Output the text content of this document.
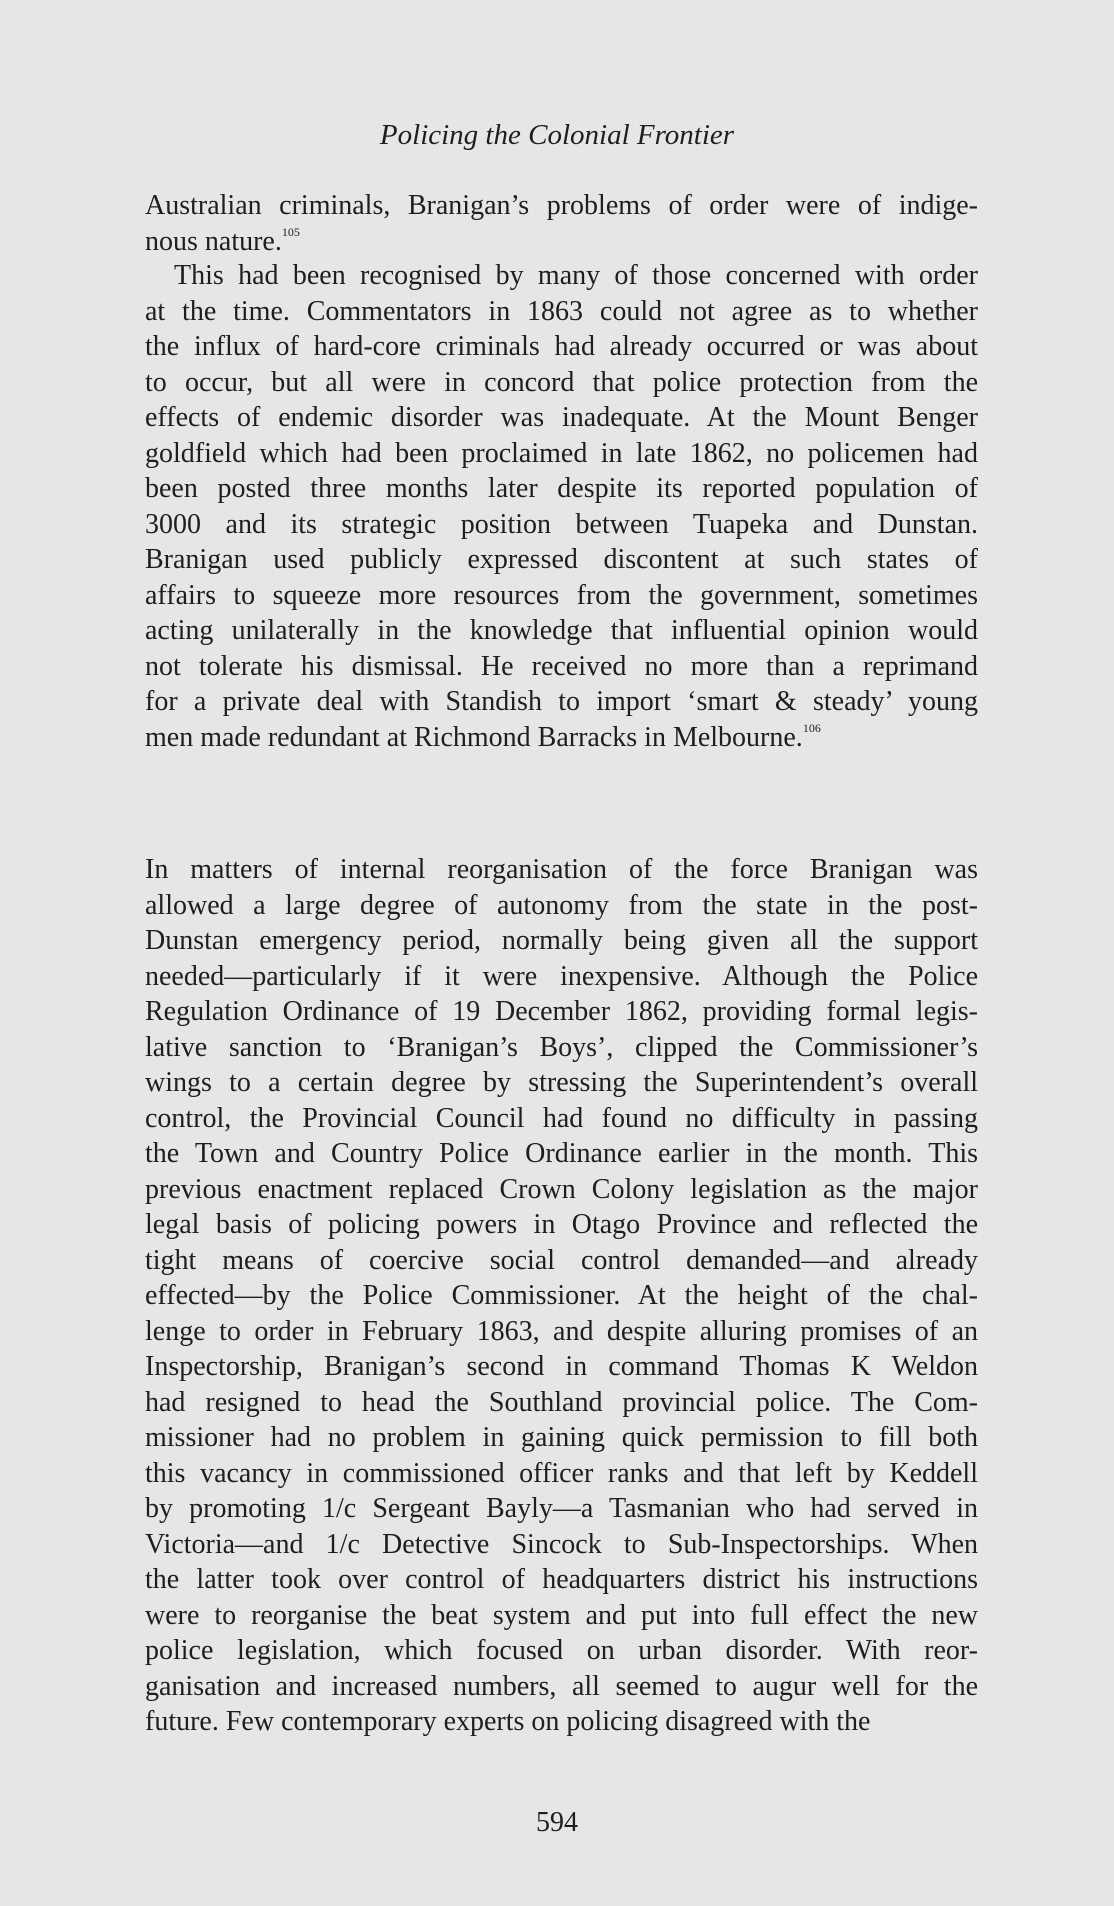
Policing the Colonial Frontier
Australian criminals, Branigan’s problems of order were of indige-
nous nature.$^{105}$
This had been recognised by many of those concerned with order
at the time. Commentators in 1863 could not agree as to whether
the influx of hard-core criminals had already occurred or was about
to occur, but all were in concord that police protection from the
effects of endemic disorder was inadequate. At the Mount Benger
goldfield which had been proclaimed in late 1862, no policemen had
been posted three months later despite its reported population of
3000 and its strategic position between Tuapeka and Dunstan.
Branigan used publicly expressed discontent at such states of
affairs to squeeze more resources from the government, sometimes
acting unilaterally in the knowledge that influential opinion would
not tolerate his dismissal. He received no more than a reprimand
for a private deal with Standish to import ‘smart & steady’ young
men made redundant at Richmond Barracks in Melbourne.$^{106}$
In matters of internal reorganisation of the force Branigan was
allowed a large degree of autonomy from the state in the post-
Dunstan emergency period, normally being given all the support
needed—particularly if it were inexpensive. Although the Police
Regulation Ordinance of 19 December 1862, providing formal legis-
lative sanction to ‘Branigan’s Boys’, clipped the Commissioner’s
wings to a certain degree by stressing the Superintendent’s overall
control, the Provincial Council had found no difficulty in passing
the Town and Country Police Ordinance earlier in the month. This
previous enactment replaced Crown Colony legislation as the major
legal basis of policing powers in Otago Province and reflected the
tight means of coercive social control demanded—and already
effected—by the Police Commissioner. At the height of the chal-
lenge to order in February 1863, and despite alluring promises of an
Inspectorship, Branigan’s second in command Thomas K Weldon
had resigned to head the Southland provincial police. The Com-
missioner had no problem in gaining quick permission to fill both
this vacancy in commissioned officer ranks and that left by Keddell
by promoting 1/c Sergeant Bayly—a Tasmanian who had served in
Victoria—and 1/c Detective Sincock to Sub-Inspectorships. When
the latter took over control of headquarters district his instructions
were to reorganise the beat system and put into full effect the new
police legislation, which focused on urban disorder. With reor-
ganisation and increased numbers, all seemed to augur well for the
future. Few contemporary experts on policing disagreed with the
594
